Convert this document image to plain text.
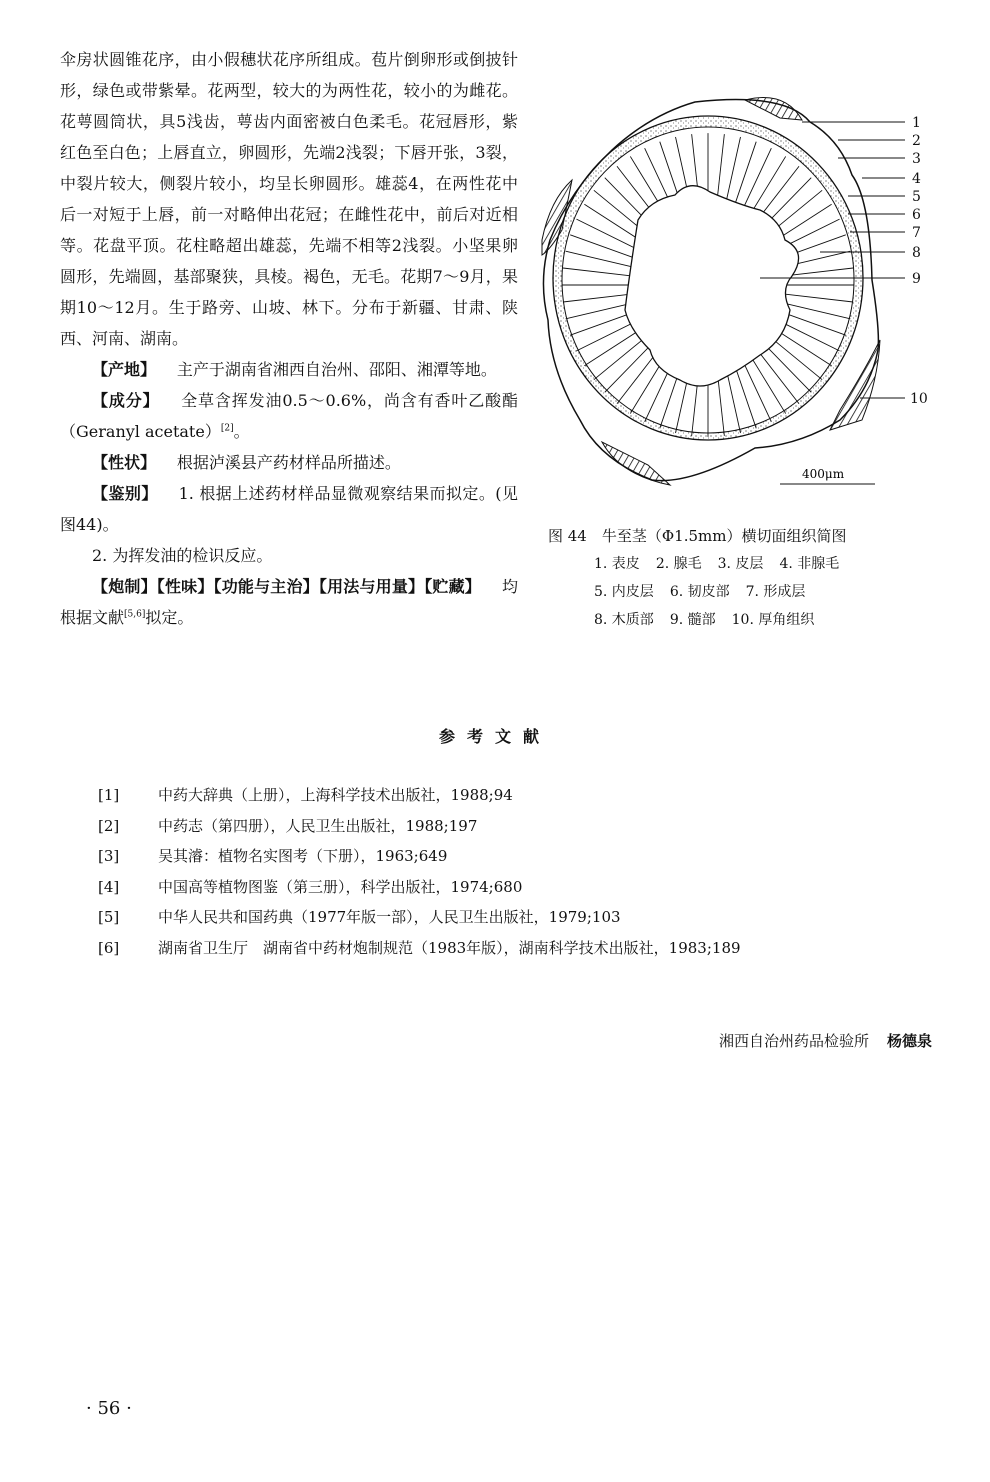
伞房状圆锥花序，由小假穗状花序所组成。苞片倒卵形或倒披针形，绿色或带紫晕。花两型，较大的为两性花，较小的为雌花。花萼圆筒状，具5浅齿，萼齿内面密被白色柔毛。花冠唇形，紫红色至白色；上唇直立，卵圆形，先端2浅裂；下唇开张，3裂，中裂片较大，侧裂片较小，均呈长卵圆形。雄蕊4，在两性花中后一对短于上唇，前一对略伸出花冠；在雌性花中，前后对近相等。花盘平顶。花柱略超出雄蕊，先端不相等2浅裂。小坚果卵圆形，先端圆，基部聚狭，具棱。褐色，无毛。花期7～9月，果期10～12月。生于路旁、山坡、林下。分布于新疆、甘肃、陕西、河南、湖南。

【产地】 主产于湖南省湘西自治州、邵阳、湘潭等地。

【成分】 全草含挥发油0.5～0.6%，尚含有香叶乙酸酯（Geranyl acetate）[2]。

【性状】 根据泸溪县产药材样品所描述。

【鉴别】 1. 根据上述药材样品显微观察结果而拟定。(见图44)。

2. 为挥发油的检识反应。

【炮制】【性味】【功能与主治】【用法与用量】【贮藏】 均根据文献[5,6]拟定。

1
2
3
4
5
6
7
8
9
10
400μm

图 44　牛至茎（Φ1.5mm）横切面组织简图

1. 表皮 2. 腺毛 3. 皮层 4. 非腺毛

5. 内皮层 6. 韧皮部 7. 形成层

8. 木质部 9. 髓部 10. 厚角组织

参考文献
[1]	中药大辞典（上册），上海科学技术出版社，1988;94
[2]	中药志（第四册），人民卫生出版社，1988;197
[3]	吴其濬：植物名实图考（下册），1963;649
[4]	中国高等植物图鉴（第三册），科学出版社，1974;680
[5]	中华人民共和国药典（1977年版一部），人民卫生出版社，1979;103
[6]	湖南省卫生厅　湖南省中药材炮制规范（1983年版），湖南科学技术出版社，1983;189
湘西自治州药品检验所 杨德泉
· 56 ·
